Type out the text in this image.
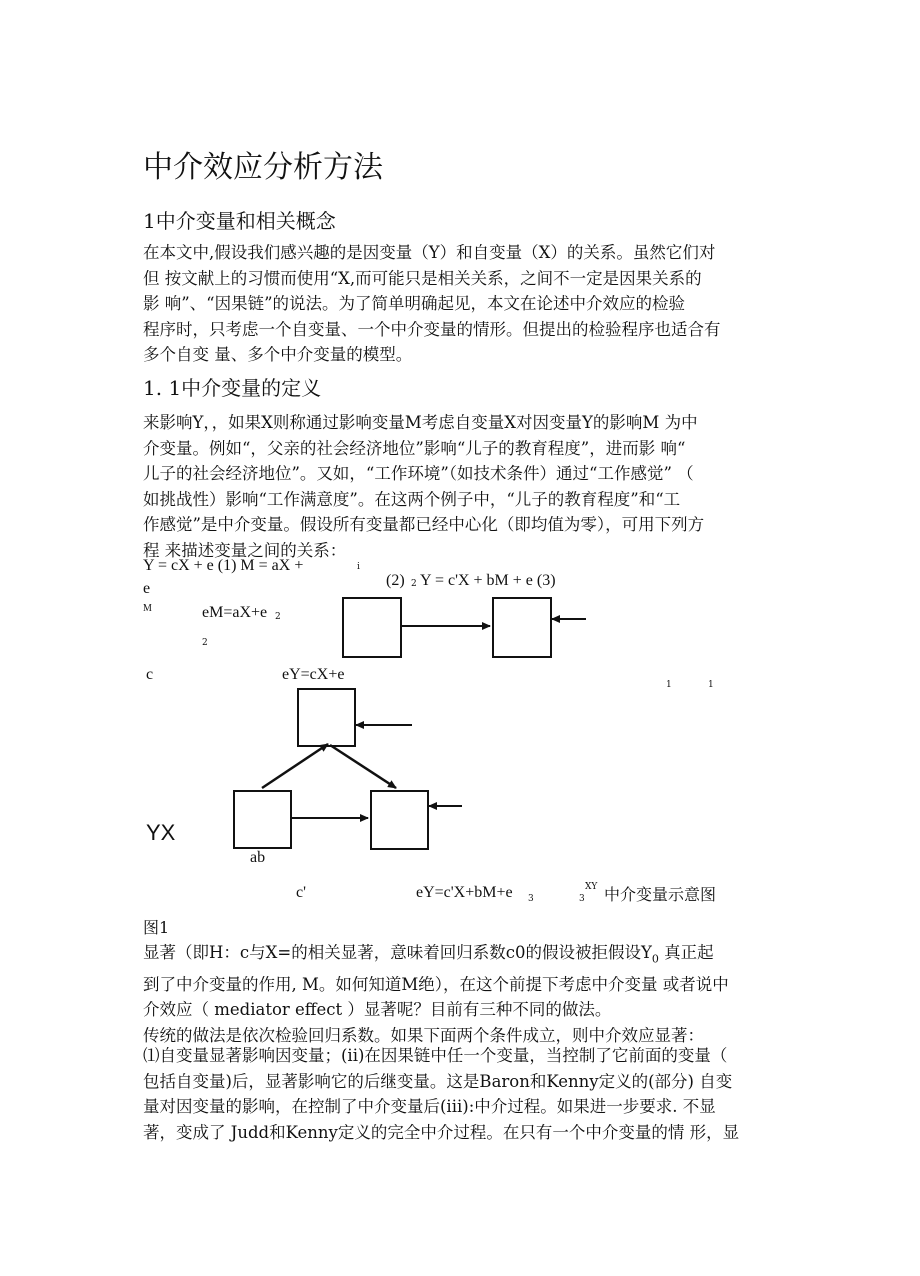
中介效应分析方法
1中介变量和相关概念
在本文中,假设我们感兴趣的是因变量（Y）和自变量（X）的关系。虽然它们对
但 按文献上的习惯而使用“X,而可能只是相关关系，之间不一定是因果关系的
影 响”、“因果链”的说法。为了简单明确起见，本文在论述中介效应的检验
程序时，只考虑一个自变量、一个中介变量的情形。但提出的检验程序也适合有
多个自变 量、多个中介变量的模型。
1. 1中介变量的定义
来影响Y，，如果X则称通过影响变量M考虑自变量X对因变量Y的影响M 为中
介变量。例如“，父亲的社会经济地位”影响“儿子的教育程度”，进而影 响“
儿子的社会经济地位”。又如，“工作环境”（如技术条件）通过“工作感觉” （
如挑战性）影响“工作满意度”。在这两个例子中，“儿子的教育程度”和“工
作感觉”是中介变量。假设所有变量都已经中心化（即均值为零），可用下列方
程 来描述变量之间的关系：
Y = cX + e (1) M = aX +	i
e
M
(2) 2 Y = c'X + bM + e (3)
eM=aX+e 2
2
c	eY=cX+e
1	1
YX
ab
c'	eY=c'X+bM+e 3	3
XY 中介变量示意图
图1
显著（即H：c与X=的相关显著，意味着回归系数c0的假设被拒假设$Y_0$ 真正起
到了中介变量的作用, M。如何知道M绝），在这个前提下考虑中介变量 或者说中
介效应（ mediator effect ）显著呢？目前有三种不同的做法。
传统的做法是依次检验回归系数。如果下面两个条件成立，则中介效应显著：
⑴自变量显著影响因变量；(ii)在因果链中任一个变量，当控制了它前面的变量（
包括自变量)后，显著影响它的后继变量。这是Baron和Kenny定义的(部分) 自变
量对因变量的影响，在控制了中介变量后(iii):中介过程。如果进一步要求. 不显
著，变成了 Judd和Kenny定义的完全中介过程。在只有一个中介变量的情 形，显
